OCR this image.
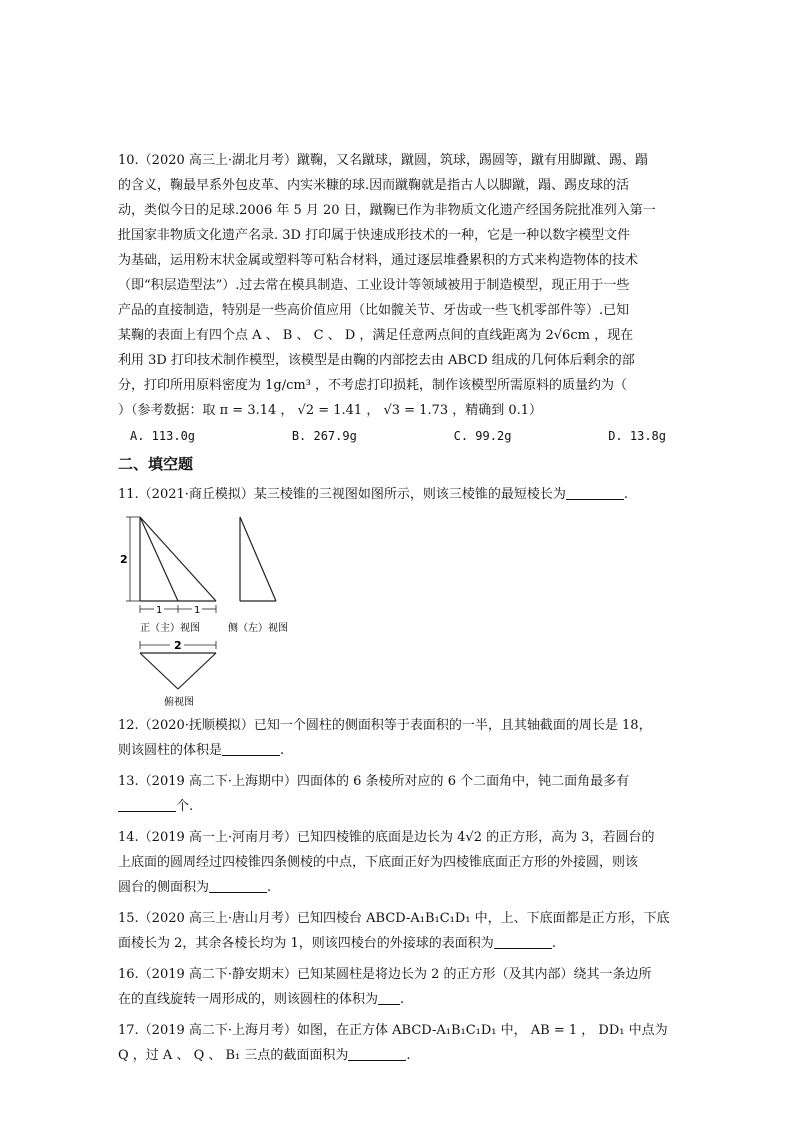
10.（2020 高三上·湖北月考）蹴鞠，又名蹴球，蹴圆，筑球，踢圆等，蹴有用脚蹴、踢、蹋

的含义，鞠最早系外包皮革、内实米糠的球.因而蹴鞠就是指古人以脚蹴，蹋、踢皮球的活

动，类似今日的足球.2006 年 5 月 20 日，蹴鞠已作为非物质文化遗产经国务院批准列入第一

批国家非物质文化遗产名录. 3D 打印属于快速成形技术的一种，它是一种以数字模型文件

为基础，运用粉末状金属或塑料等可粘合材料，通过逐层堆叠累积的方式来构造物体的技术

（即“积层造型法”）.过去常在模具制造、工业设计等领域被用于制造模型，现正用于一些

产品的直接制造，特别是一些高价值应用（比如髋关节、牙齿或一些飞机零部件等）.已知

某鞠的表面上有四个点 A 、 B 、 C 、 D ，满足任意两点间的直线距离为 2√6cm ，现在

利用 3D 打印技术制作模型，该模型是由鞠的内部挖去由 ABCD 组成的几何体后剩余的部

分，打印所用原料密度为 1g/cm³ ，不考虑打印损耗，制作该模型所需原料的质量约为（

）（参考数据：取 π = 3.14 ， √2 = 1.41 ， √3 = 1.73 ，精确到 0.1）

A. 113.0g	B. 267.9g	C. 99.2g	D. 13.8g
二、填空题
11.（2021·商丘模拟）某三棱锥的三视图如图所示，则该三棱锥的最短棱长为	.
2
1	1
正（主）视图	侧（左）视图
2
俯视图
12.（2020·抚顺模拟）已知一个圆柱的侧面积等于表面积的一半，且其轴截面的周长是 18，
则该圆柱的体积是	.
13.（2019 高二下·上海期中）四面体的 6 条棱所对应的 6 个二面角中，钝二面角最多有
个.
14.（2019 高一上·河南月考）已知四棱锥的底面是边长为 4√2 的正方形，高为 3，若圆台的
上底面的圆周经过四棱锥四条侧棱的中点，下底面正好为四棱锥底面正方形的外接圆，则该
圆台的侧面积为	.
15.（2020 高三上·唐山月考）已知四棱台 ABCD-A₁B₁C₁D₁ 中，上、下底面都是正方形，下底
面棱长为 2，其余各棱长均为 1，则该四棱台的外接球的表面积为	.
16.（2019 高二下·静安期末）已知某圆柱是将边长为 2 的正方形（及其内部）绕其一条边所
在的直线旋转一周形成的，则该圆柱的体积为 .
17.（2019 高二下·上海月考）如图，在正方体 ABCD-A₁B₁C₁D₁ 中， AB = 1 ， DD₁ 中点为
Q ，过 A 、 Q 、 B₁ 三点的截面面积为	.
